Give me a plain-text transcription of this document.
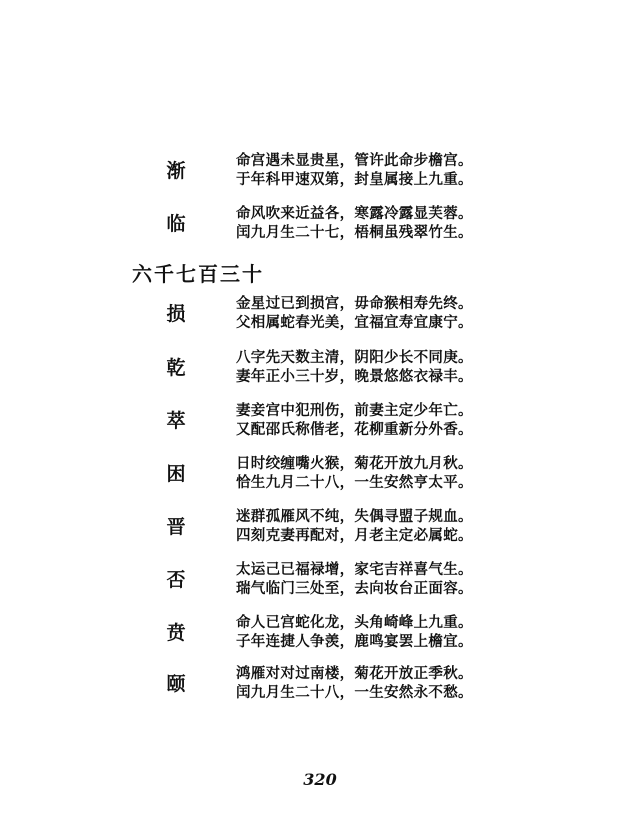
渐	命宫遇未显贵星，管许此命步檐宫。
于年科甲速双第，封皇属接上九重。
临	命风吹来近益各，寒露冷露显芙蓉。
闰九月生二十七，梧桐虽残翠竹生。
六千七百三十
损	金星过已到损宫，毋命猴相寿先终。
父相属蛇春光美，宜福宜寿宜康宁。
乾	八字先天数主清，阴阳少长不同庚。
妻年正小三十岁，晚景悠悠衣禄丰。
萃	妻妾宫中犯刑伤，前妻主定少年亡。
又配邵氏称偕老，花柳重新分外香。
困	日时绞缠嘴火猴，菊花开放九月秋。
恰生九月二十八，一生安然亨太平。
晋	迷群孤雁风不纯，失偶寻盟子规血。
四刻克妻再配对，月老主定必属蛇。
否	太运己已福禄增，家宅吉祥喜气生。
瑞气临门三处至，去向妆台正面容。
贲	命人已宫蛇化龙，头角崎峰上九重。
子年连捷人争羡，鹿鸣宴罢上檐宜。
颐	鸿雁对对过南楼，菊花开放正季秋。
闰九月生二十八，一生安然永不愁。
320
